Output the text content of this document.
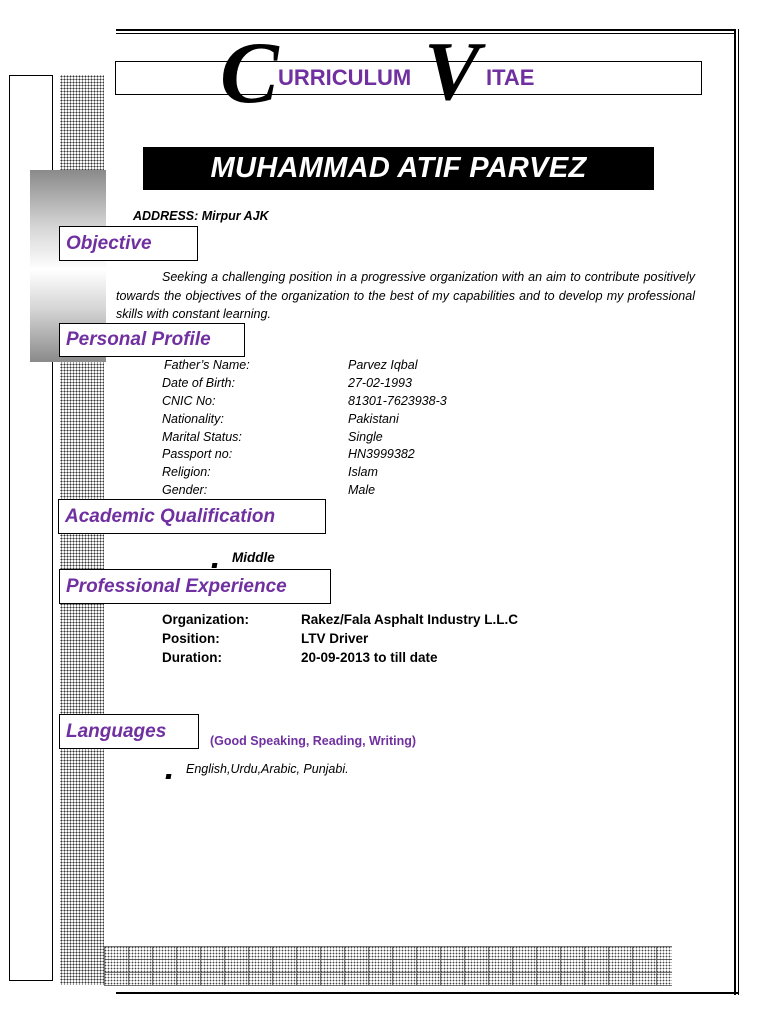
C URRICULUM V ITAE
MUHAMMAD ATIF PARVEZ
ADDRESS: Mirpur AJK
Objective
Seeking a challenging position in a progressive organization with an aim to contribute positively towards the objectives of the organization to the best of my capabilities and to develop my professional skills with constant learning.
Personal Profile
Father’s Name:	Parvez Iqbal
Date of Birth:	27-02-1993
CNIC No:	81301-7623938-3
Nationality:	Pakistani
Marital Status:	Single
Passport no:	HN3999382
Religion:	Islam
Gender:	Male
Academic Qualification
Middle
Professional Experience
Organization:	Rakez/Fala Asphalt Industry L.L.C
Position:	LTV Driver
Duration:	20-09-2013 to till date
Languages	(Good Speaking, Reading, Writing)
English,Urdu,Arabic, Punjabi.
